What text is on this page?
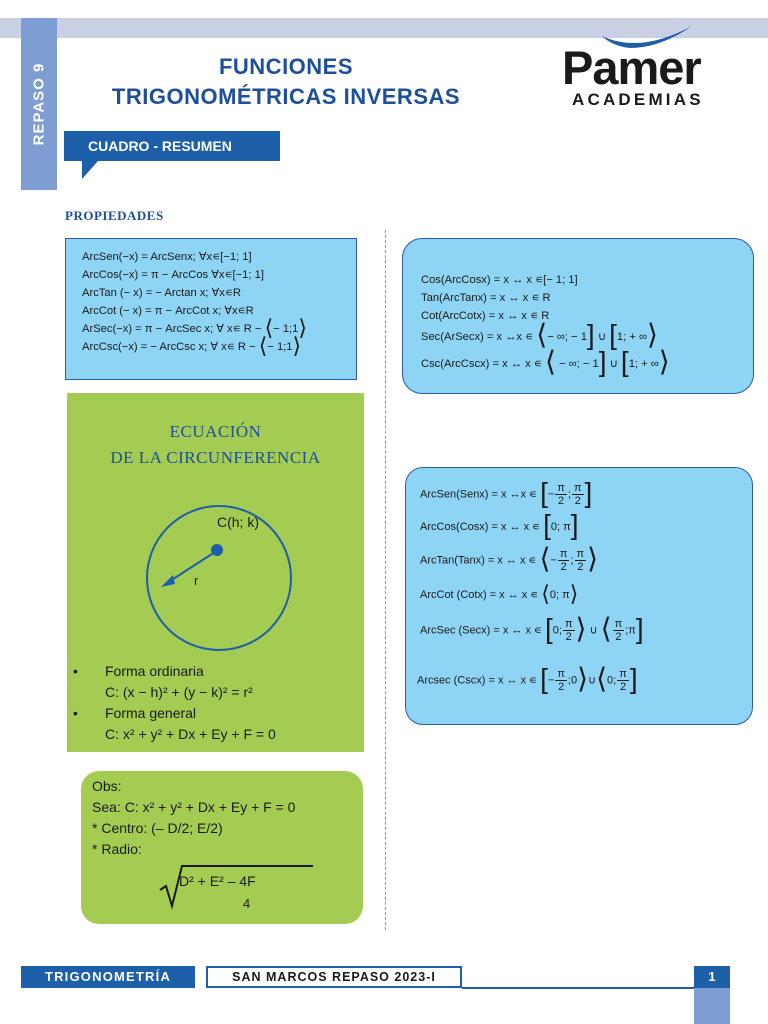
REPASO 9	FUNCIONES
TRIGONOMÉTRICAS INVERSAS
Pamer
ACADEMIAS
CUADRO - RESUMEN
PROPIEDADES
ArcSen(−x) = ArcSenx; ∀x∊[−1; 1]
ArcCos(−x) = π − ArcCos ∀x∊[−1; 1]
ArcTan (− x) = − Arctan x; ∀x∊R
ArcCot (− x) = π − ArcCot x; ∀x∊R
ArSec(−x) = π − ArcSec x; ∀ x∊ R − ⟨− 1;1⟩
ArcCsc(−x) = − ArcCsc x; ∀ x∊ R − ⟨− 1;1⟩
Cos(ArcCosx) = x ↔ x ∊[− 1; 1]
Tan(ArcTanx) = x ↔ x ∊ R
Cot(ArcCotx) = x ↔ x ∊ R
Sec(ArSecx) = x ↔x ∊ ⟨− ∞; − 1] ∪ [1; + ∞⟩
Csc(ArcCscx) = x ↔ x ∊ ⟨ − ∞; − 1] ∪ [1; + ∞⟩
ArcSen(Senx) = x ↔x ∊ [− $\frac{\pi}{2}$ ; $\frac{\pi}{2}$ ]
ArcCos(Cosx) = x ↔ x ∊ [0; π]
ArcTan(Tanx) = x ↔ x ∊ ⟨− $\frac{\pi}{2}$ ; $\frac{\pi}{2}$ ⟩
ArcCot (Cotx) = x ↔ x ∊ ⟨0; π⟩
ArcSec (Secx) = x ↔ x ∊ [0; $\frac{\pi}{2}$ ⟩ ∪ ⟨ $\frac{\pi}{2}$ ;π]
Arcsec (Cscx) = x ↔ x ∊ [− $\frac{\pi}{2}$ ;0⟩∪⟨0; $\frac{\pi}{2}$ ]
ECUACIÓN
DE LA CIRCUNFERENCIA
C(h; k)
r
• Forma ordinaria
C: (x − h)² + (y − k)² = r²
• Forma general
C: x² + y² + Dx + Ey + F = 0
Obs:
Sea: C: x² + y² + Dx + Ey + F = 0
* Centro: (– D/2; E/2)
* Radio:
D² + E² – 4F
4
TRIGONOMETRÍA	SAN MARCOS REPASO 2023-I	1
